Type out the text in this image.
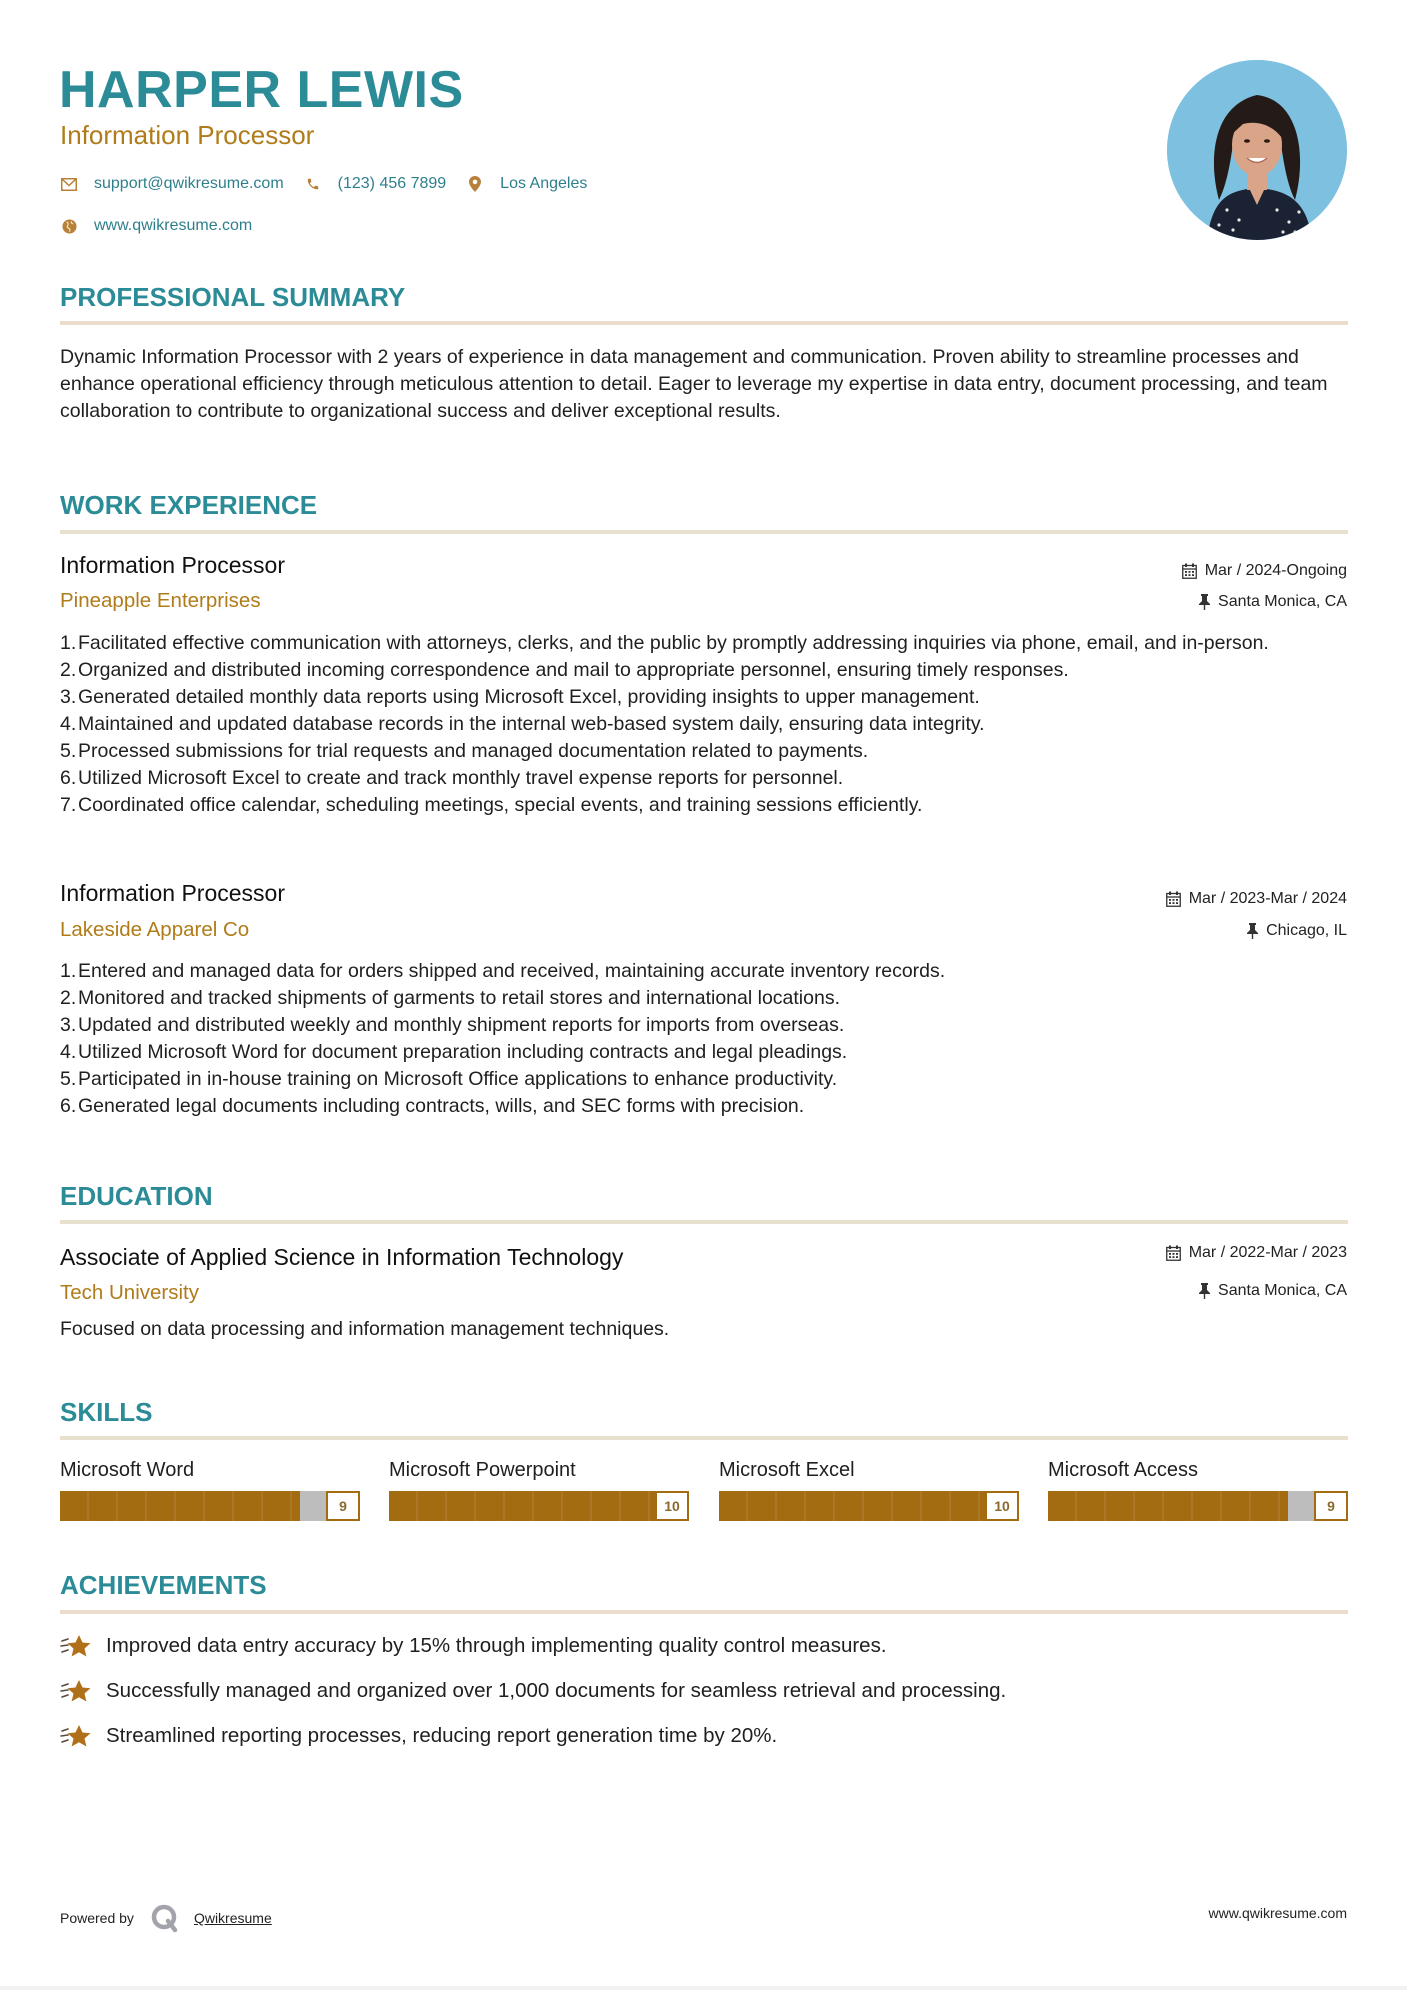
HARPER LEWIS
Information Processor
support@qwikresume.com	(123) 456 7899	Los Angeles
www.qwikresume.com
PROFESSIONAL SUMMARY
Dynamic Information Processor with 2 years of experience in data management and communication. Proven ability to streamline processes and enhance operational efficiency through meticulous attention to detail. Eager to leverage my expertise in data entry, document processing, and team collaboration to contribute to organizational success and deliver exceptional results.
WORK EXPERIENCE
Information Processor	Mar / 2024-Ongoing
Pineapple Enterprises	Santa Monica, CA
1. Facilitated effective communication with attorneys, clerks, and the public by promptly addressing inquiries via phone, email, and in-person.
2. Organized and distributed incoming correspondence and mail to appropriate personnel, ensuring timely responses.
3. Generated detailed monthly data reports using Microsoft Excel, providing insights to upper management.
4. Maintained and updated database records in the internal web-based system daily, ensuring data integrity.
5. Processed submissions for trial requests and managed documentation related to payments.
6. Utilized Microsoft Excel to create and track monthly travel expense reports for personnel.
7. Coordinated office calendar, scheduling meetings, special events, and training sessions efficiently.
Information Processor	Mar / 2023-Mar / 2024
Lakeside Apparel Co	Chicago, IL
1. Entered and managed data for orders shipped and received, maintaining accurate inventory records.
2. Monitored and tracked shipments of garments to retail stores and international locations.
3. Updated and distributed weekly and monthly shipment reports for imports from overseas.
4. Utilized Microsoft Word for document preparation including contracts and legal pleadings.
5. Participated in in-house training on Microsoft Office applications to enhance productivity.
6. Generated legal documents including contracts, wills, and SEC forms with precision.
EDUCATION
Associate of Applied Science in Information Technology	Mar / 2022-Mar / 2023
Tech University	Santa Monica, CA
Focused on data processing and information management techniques.
SKILLS
Microsoft Word
9
Microsoft Powerpoint
10
Microsoft Excel
10
Microsoft Access
9
ACHIEVEMENTS
Improved data entry accuracy by 15% through implementing quality control measures.
Successfully managed and organized over 1,000 documents for seamless retrieval and processing.
Streamlined reporting processes, reducing report generation time by 20%.
Powered by	Qwikresume	www.qwikresume.com
